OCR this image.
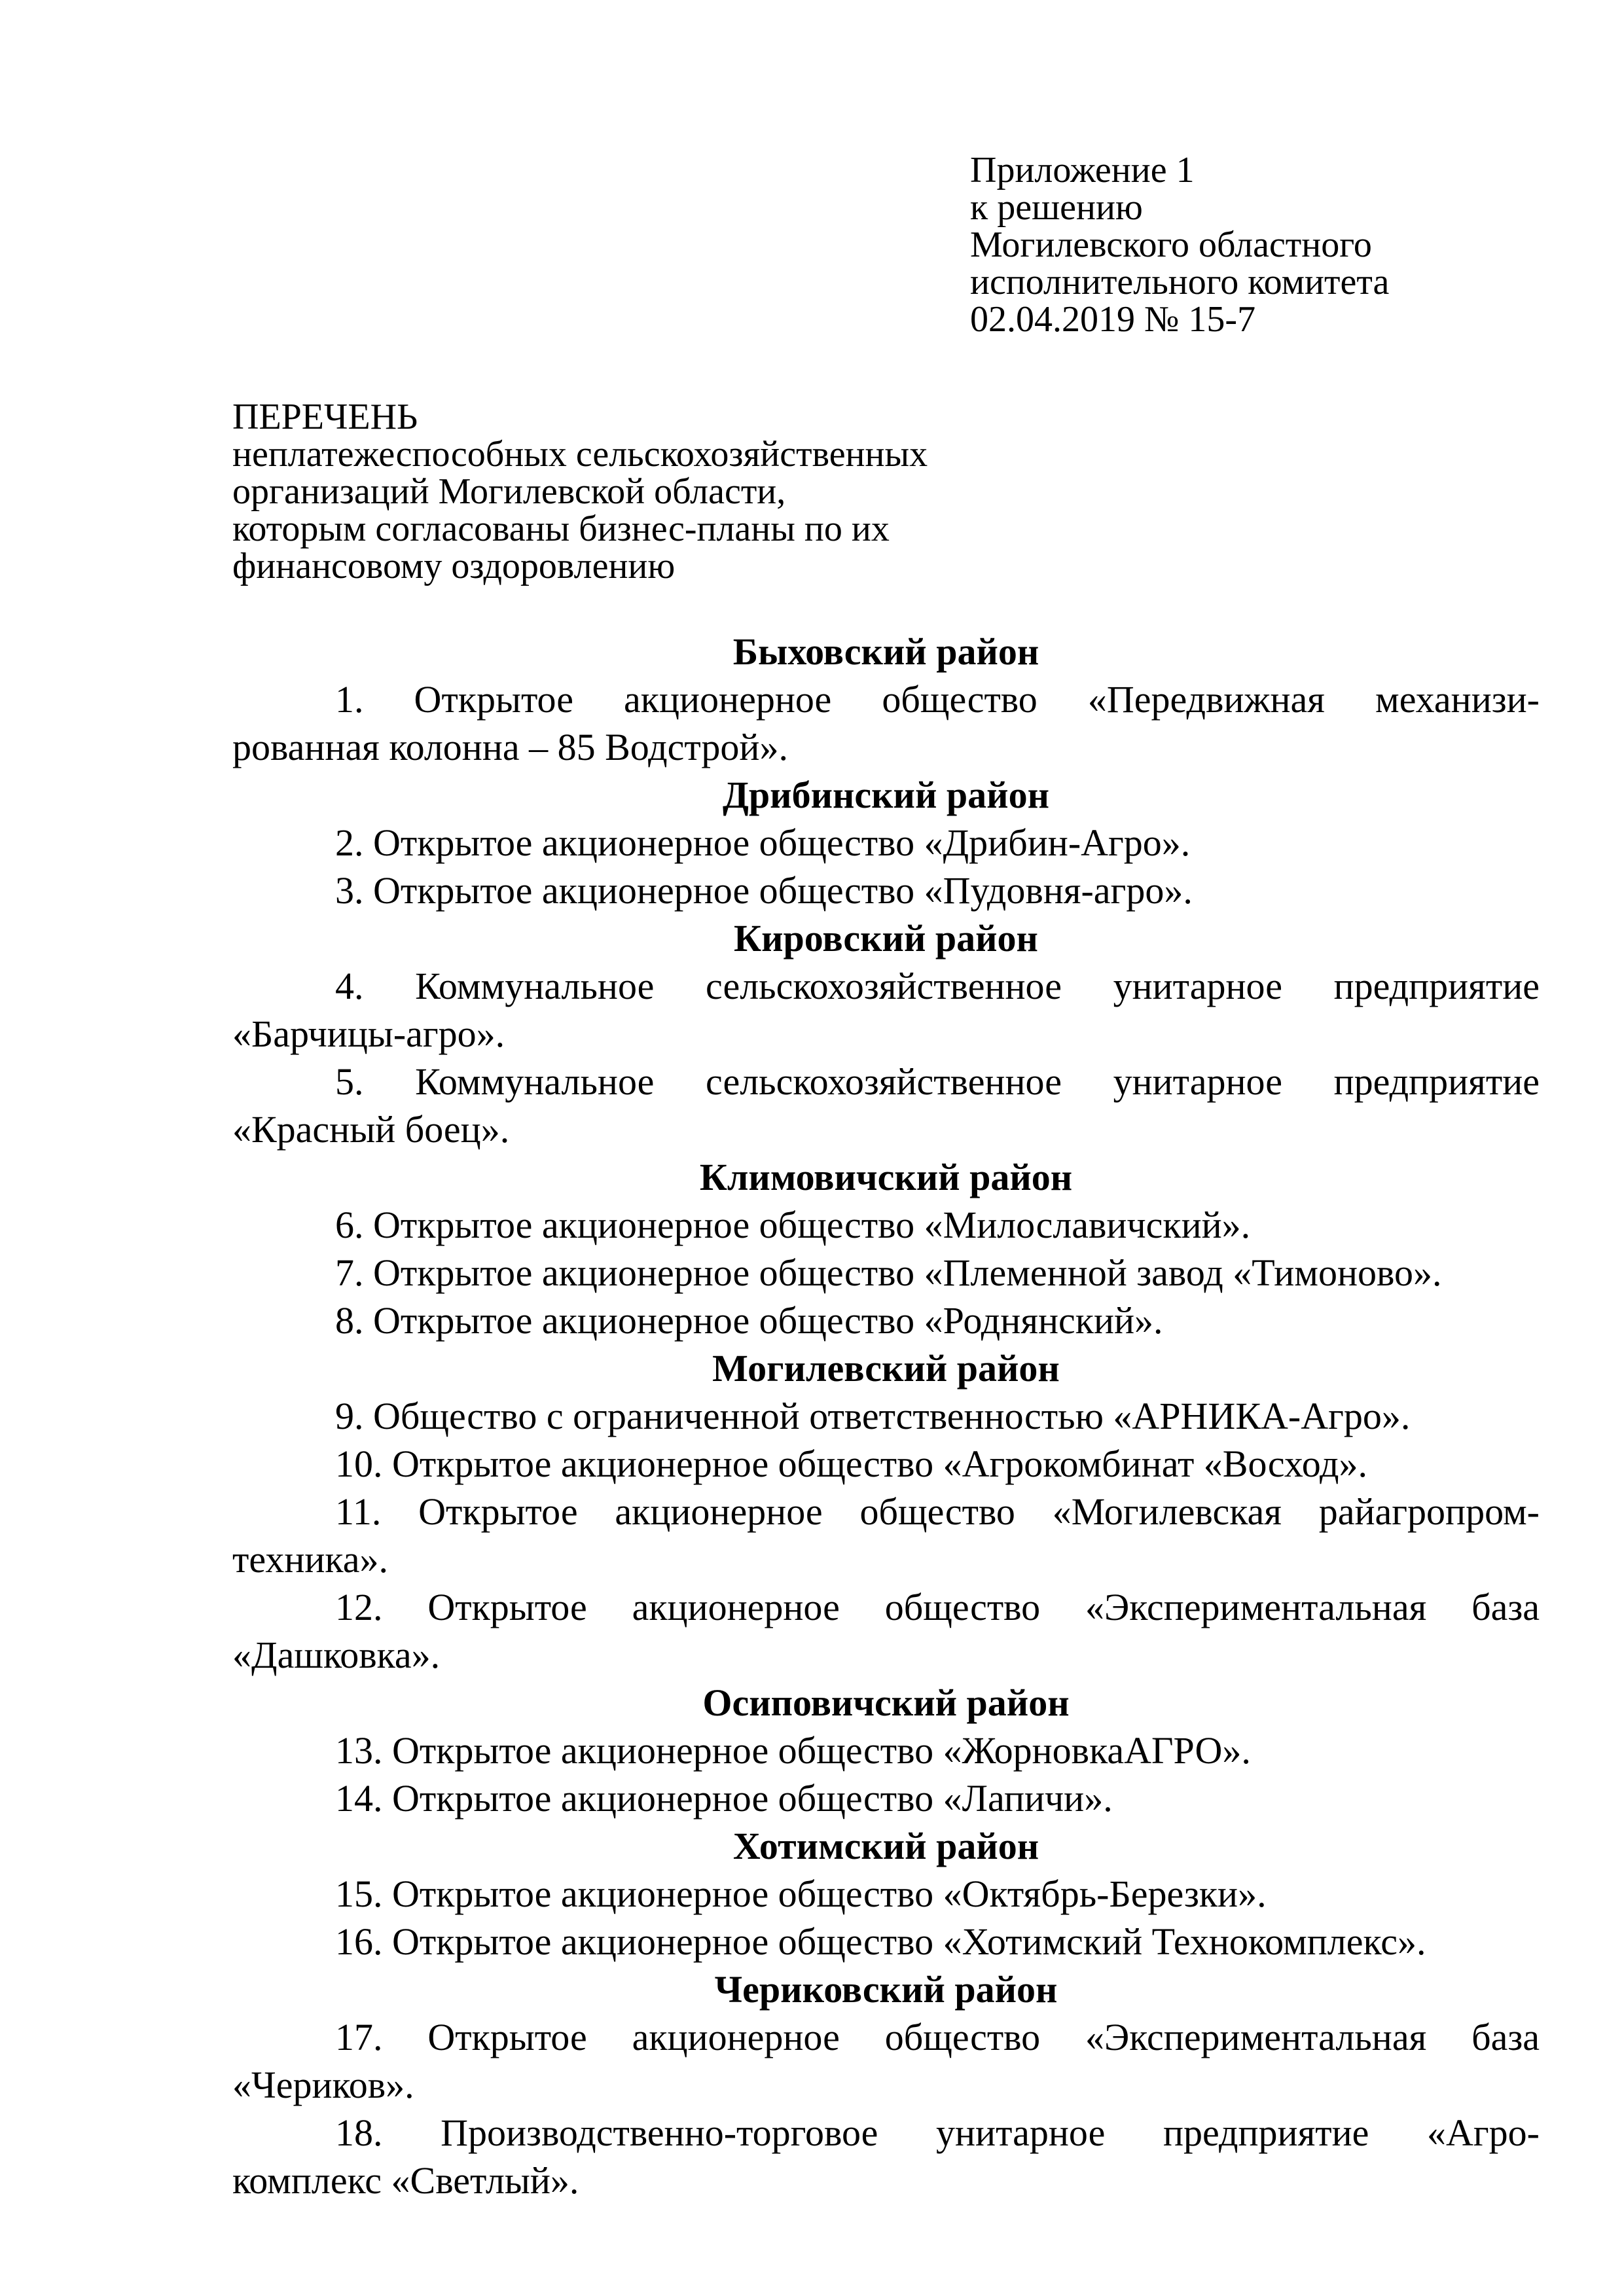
Приложение 1
к решению
Могилевского областного
исполнительного комитета
02.04.2019 № 15-7
ПЕРЕЧЕНЬ
неплатежеспособных сельскохозяйственных
организаций Могилевской области,
которым согласованы бизнес-планы по их
финансовому оздоровлению
Быховский район
1. Открытое акционерное общество «Передвижная механизи-
рованная колонна – 85 Водстрой».
Дрибинский район
2. Открытое акционерное общество «Дрибин-Агро».
3. Открытое акционерное общество «Пудовня-агро».
Кировский район
4. Коммунальное сельскохозяйственное унитарное предприятие
«Барчицы-агро».
5. Коммунальное сельскохозяйственное унитарное предприятие
«Красный боец».
Климовичский район
6. Открытое акционерное общество «Милославичский».
7. Открытое акционерное общество «Племенной завод «Тимоново».
8. Открытое акционерное общество «Роднянский».
Могилевский район
9. Общество с ограниченной ответственностью «АРНИКА-Агро».
10. Открытое акционерное общество «Агрокомбинат «Восход».
11. Открытое акционерное общество «Могилевская райагропром-
техника».
12. Открытое акционерное общество «Экспериментальная база
«Дашковка».
Осиповичский район
13. Открытое акционерное общество «ЖорновкаАГРО».
14. Открытое акционерное общество «Лапичи».
Хотимский район
15. Открытое акционерное общество «Октябрь-Березки».
16. Открытое акционерное общество «Хотимский Технокомплекс».
Чериковский район
17. Открытое акционерное общество «Экспериментальная база
«Чериков».
18. Производственно-торговое унитарное предприятие «Агро-
комплекс «Светлый».
